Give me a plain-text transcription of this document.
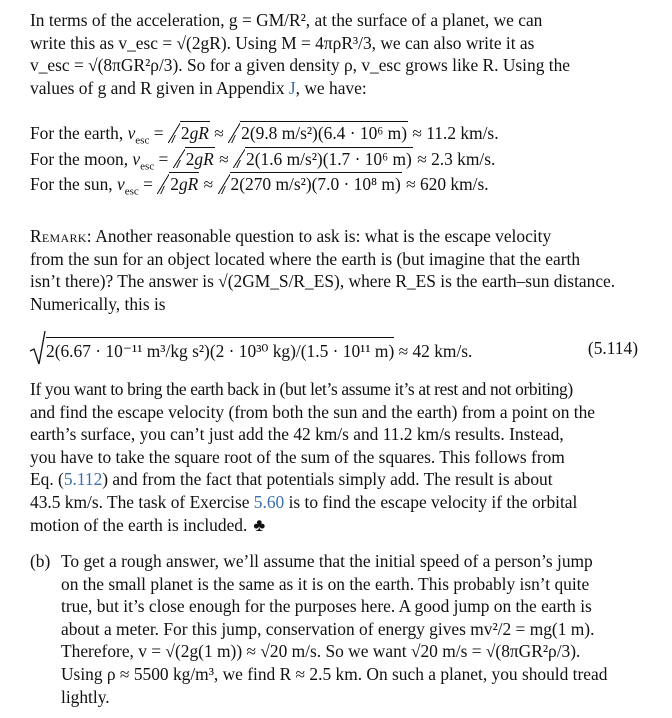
In terms of the acceleration, g = GM/R², at the surface of a planet, we can
write this as v_esc = √(2gR). Using M = 4πρR³/3, we can also write it as
v_esc = √(8πGR²ρ/3). So for a given density ρ, v_esc grows like R. Using the
values of g and R given in Appendix J, we have:
For the earth, $v_{esc}$ =
2gR ≈
2(9.8 m/s²)(6.4 · 10⁶ m) ≈ 11.2 km/s.
For the moon, $v_{esc}$ =
2gR ≈
2(1.6 m/s²)(1.7 · 10⁶ m) ≈ 2.3 km/s.
For the sun, $v_{esc}$ =
2gR ≈
2(270 m/s²)(7.0 · 10⁸ m) ≈ 620 km/s.
Remark: Another reasonable question to ask is: what is the escape velocity
from the sun for an object located where the earth is (but imagine that the earth
isn’t there)? The answer is √(2GM_S/R_ES), where R_ES is the earth–sun distance.
Numerically, this is
2(6.67 · 10⁻¹¹ m³/kg s²)(2 · 10³⁰ kg)/(1.5 · 10¹¹ m) ≈ 42 km/s.	(5.114)
If you want to bring the earth back in (but let’s assume it’s at rest and not orbiting)
and find the escape velocity (from both the sun and the earth) from a point on the
earth’s surface, you can’t just add the 42 km/s and 11.2 km/s results. Instead,
you have to take the square root of the sum of the squares. This follows from
Eq. (5.112) and from the fact that potentials simply add. The result is about
43.5 km/s. The task of Exercise 5.60 is to find the escape velocity if the orbital
motion of the earth is included. ♣
(b) To get a rough answer, we’ll assume that the initial speed of a person’s jump
on the small planet is the same as it is on the earth. This probably isn’t quite
true, but it’s close enough for the purposes here. A good jump on the earth is
about a meter. For this jump, conservation of energy gives mv²/2 = mg(1 m).
Therefore, v = √(2g(1 m)) ≈ √20 m/s. So we want √20 m/s = √(8πGR²ρ/3).
Using ρ ≈ 5500 kg/m³, we find R ≈ 2.5 km. On such a planet, you should tread
lightly.
